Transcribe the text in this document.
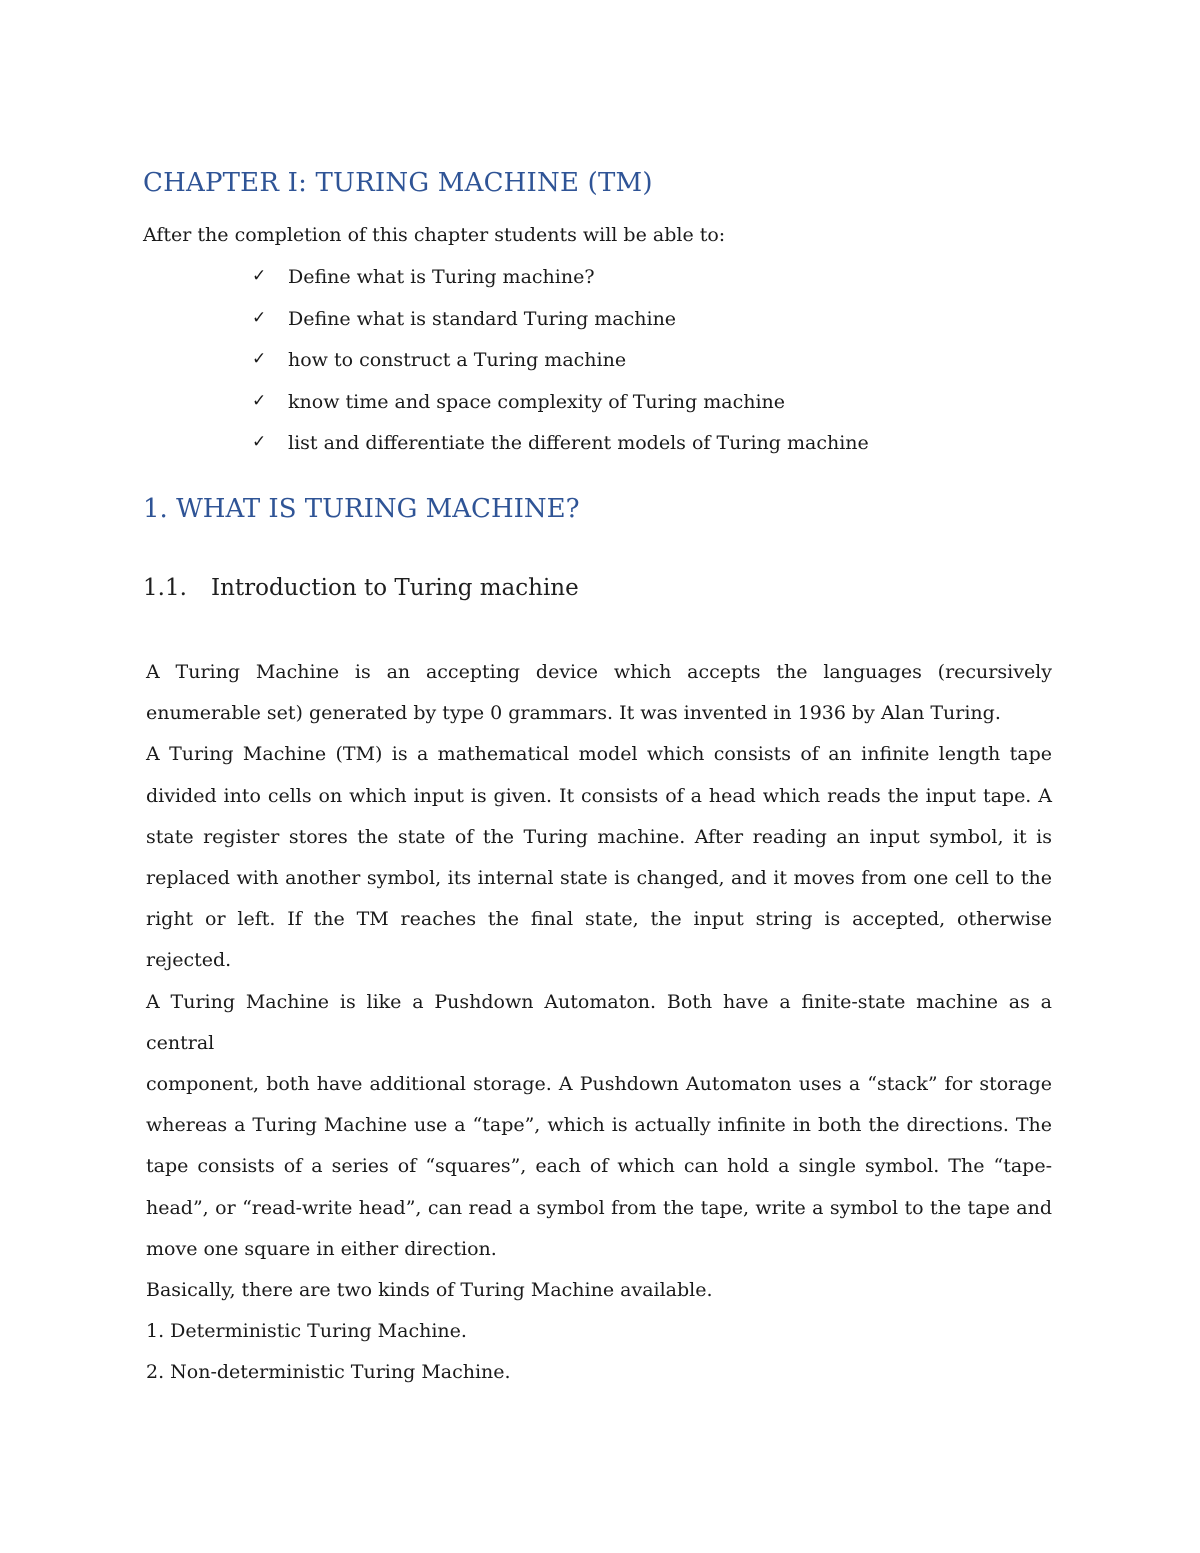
CHAPTER I: TURING MACHINE (TM)

After the completion of this chapter students will be able to:

✓	Define what is Turing machine?
✓	Define what is standard Turing machine
✓	how to construct a Turing machine
✓	know time and space complexity of Turing machine
✓	list and differentiate the different models of Turing machine
1. WHAT IS TURING MACHINE?
1.1. Introduction to Turing machine

A Turing Machine is an accepting device which accepts the languages (recursively enumerable set) generated by type 0 grammars. It was invented in 1936 by Alan Turing.

A Turing Machine (TM) is a mathematical model which consists of an infinite length tape divided into cells on which input is given. It consists of a head which reads the input tape. A state register stores the state of the Turing machine. After reading an input symbol, it is replaced with another symbol, its internal state is changed, and it moves from one cell to the right or left. If the TM reaches the final state, the input string is accepted, otherwise rejected.

A Turing Machine is like a Pushdown Automaton. Both have a finite-state machine as a central

component, both have additional storage. A Pushdown Automaton uses a “stack” for storage whereas a Turing Machine use a “tape”, which is actually infinite in both the directions. The tape consists of a series of “squares”, each of which can hold a single symbol. The “tape-head”, or “read-write head”, can read a symbol from the tape, write a symbol to the tape and move one square in either direction.

Basically, there are two kinds of Turing Machine available.

1. Deterministic Turing Machine.

2. Non-deterministic Turing Machine.
